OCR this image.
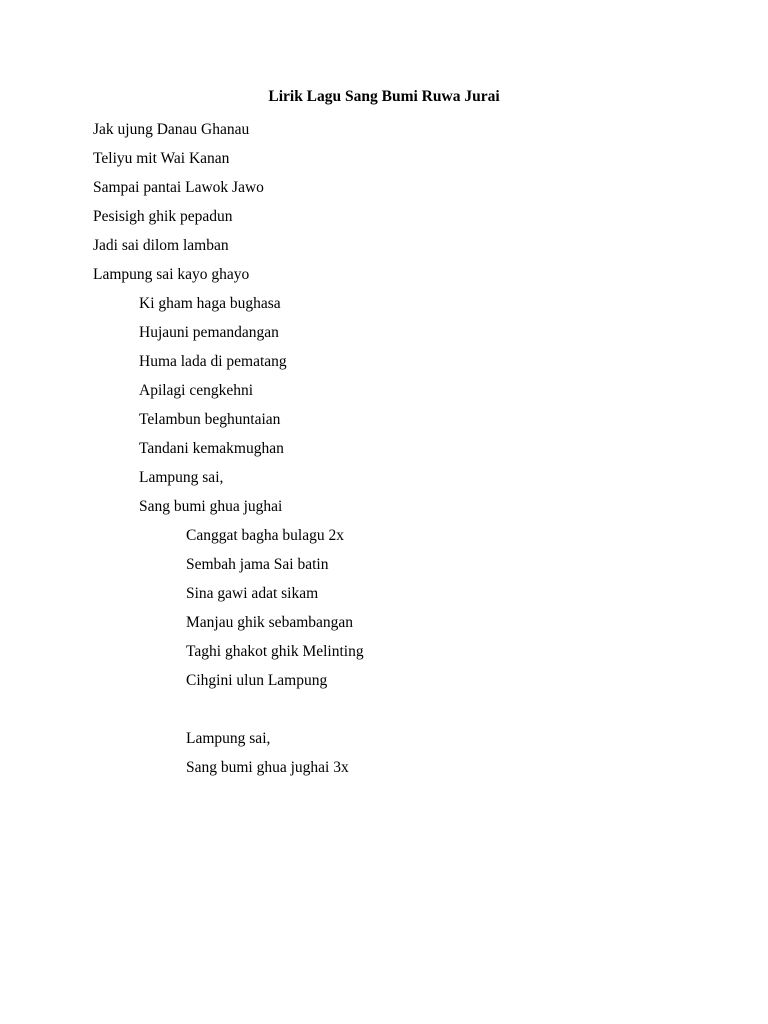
Lirik Lagu Sang Bumi Ruwa Jurai
Jak ujung Danau Ghanau
Teliyu mit Wai Kanan
Sampai pantai Lawok Jawo
Pesisigh ghik pepadun
Jadi sai dilom lamban
Lampung sai kayo ghayo
Ki gham haga bughasa
Hujauni pemandangan
Huma lada di pematang
Apilagi cengkehni
Telambun beghuntaian
Tandani kemakmughan
Lampung sai,
Sang bumi ghua jughai
Canggat bagha bulagu 2x
Sembah jama Sai batin
Sina gawi adat sikam
Manjau ghik sebambangan
Taghi ghakot ghik Melinting
Cihgini ulun Lampung
Lampung sai,
Sang bumi ghua jughai 3x
